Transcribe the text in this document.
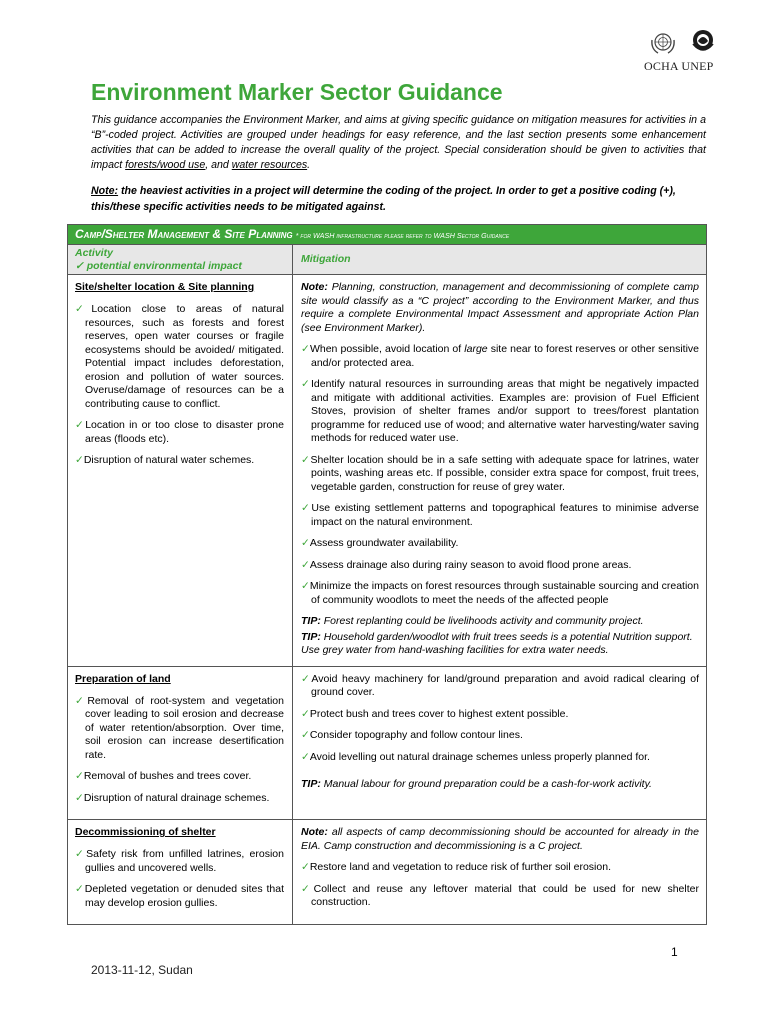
OCHA UNEP
Environment Marker Sector Guidance

This guidance accompanies the Environment Marker, and aims at giving specific guidance on mitigation measures for activities in a “B”-coded project. Activities are grouped under headings for easy reference, and the last section presents some enhancement activities that can be added to increase the overall quality of the project. Special consideration should be given to activities that impact forests/wood use, and water resources.

Note: the heaviest activities in a project will determine the coding of the project. In order to get a positive coding (+), this/these specific activities needs to be mitigated against.

Camp/Shelter Management & Site Planning * for WASH infrastructure please refer to WASH Sector Guidance
Activity
✓ potential environmental impact
Mitigation
Site/shelter location & Site planning
✓Location close to areas of natural resources, such as forests and forest reserves, open water courses or fragile ecosystems should be avoided/ mitigated. Potential impact includes deforestation, erosion and pollution of water sources. Overuse/damage of resources can be a contributing cause to conflict.
✓Location in or too close to disaster prone areas (floods etc).
✓Disruption of natural water schemes.
Note: Planning, construction, management and decommissioning of complete camp site would classify as a “C project” according to the Environment Marker, and thus require a complete Environmental Impact Assessment and appropriate Action Plan (see Environment Marker).
✓When possible, avoid location of large site near to forest reserves or other sensitive and/or protected area.
✓Identify natural resources in surrounding areas that might be negatively impacted and mitigate with additional activities. Examples are: provision of Fuel Efficient Stoves, provision of shelter frames and/or support to trees/forest plantation programme for reduced use of wood; and alternative water harvesting/water saving methods for reduced water use.
✓Shelter location should be in a safe setting with adequate space for latrines, water points, washing areas etc. If possible, consider extra space for compost, fruit trees, vegetable garden, construction for reuse of grey water.
✓Use existing settlement patterns and topographical features to minimise adverse impact on the natural environment.
✓Assess groundwater availability.
✓Assess drainage also during rainy season to avoid flood prone areas.
✓Minimize the impacts on forest resources through sustainable sourcing and creation of community woodlots to meet the needs of the affected people
TIP: Forest replanting could be livelihoods activity and community project.
TIP: Household garden/woodlot with fruit trees seeds is a potential Nutrition support. Use grey water from hand-washing facilities for extra water needs.
Preparation of land
✓Removal of root-system and vegetation cover leading to soil erosion and decrease of water retention/absorption. Over time, soil erosion can increase desertification rate.
✓Removal of bushes and trees cover.
✓Disruption of natural drainage schemes.
✓Avoid heavy machinery for land/ground preparation and avoid radical clearing of ground cover.
✓Protect bush and trees cover to highest extent possible.
✓Consider topography and follow contour lines.
✓Avoid levelling out natural drainage schemes unless properly planned for.
TIP: Manual labour for ground preparation could be a cash-for-work activity.
Decommissioning of shelter
✓Safety risk from unfilled latrines, erosion gullies and uncovered wells.
✓Depleted vegetation or denuded sites that may develop erosion gullies.
Note: all aspects of camp decommissioning should be accounted for already in the EIA. Camp construction and decommissioning is a C project.
✓Restore land and vegetation to reduce risk of further soil erosion.
✓Collect and reuse any leftover material that could be used for new shelter construction.
1
2013-11-12, Sudan
